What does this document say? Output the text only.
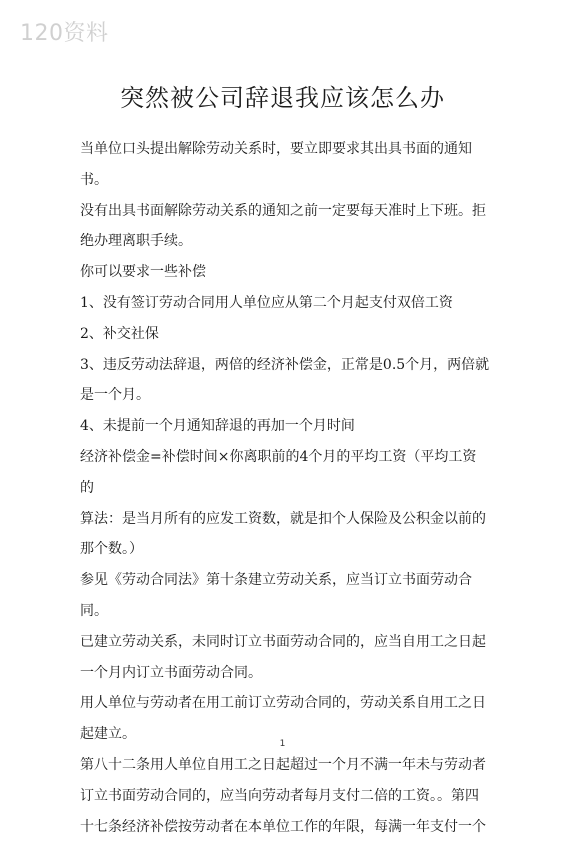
120资料
突然被公司辞退我应该怎么办

当单位口头提出解除劳动关系时，要立即要求其出具书面的通知书。
没有出具书面解除劳动关系的通知之前一定要每天准时上下班。拒
绝办理离职手续。

你可以要求一些补偿

1、没有签订劳动合同用人单位应从第二个月起支付双倍工资

2、补交社保

3、违反劳动法辞退，两倍的经济补偿金，正常是0.5个月，两倍就
是一个月。

4、未提前一个月通知辞退的再加一个月时间

经济补偿金=补偿时间×你离职前的4个月的平均工资（平均工资的
算法：是当月所有的应发工资数，就是扣个人保险及公积金以前的
那个数。）

参见《劳动合同法》第十条建立劳动关系，应当订立书面劳动合同。
已建立劳动关系，未同时订立书面劳动合同的，应当自用工之日起
一个月内订立书面劳动合同。

用人单位与劳动者在用工前订立劳动合同的，劳动关系自用工之日
起建立。

第八十二条用人单位自用工之日起超过一个月不满一年未与劳动者
订立书面劳动合同的，应当向劳动者每月支付二倍的工资。。第四
十七条经济补偿按劳动者在本单位工作的年限，每满一年支付一个

1
